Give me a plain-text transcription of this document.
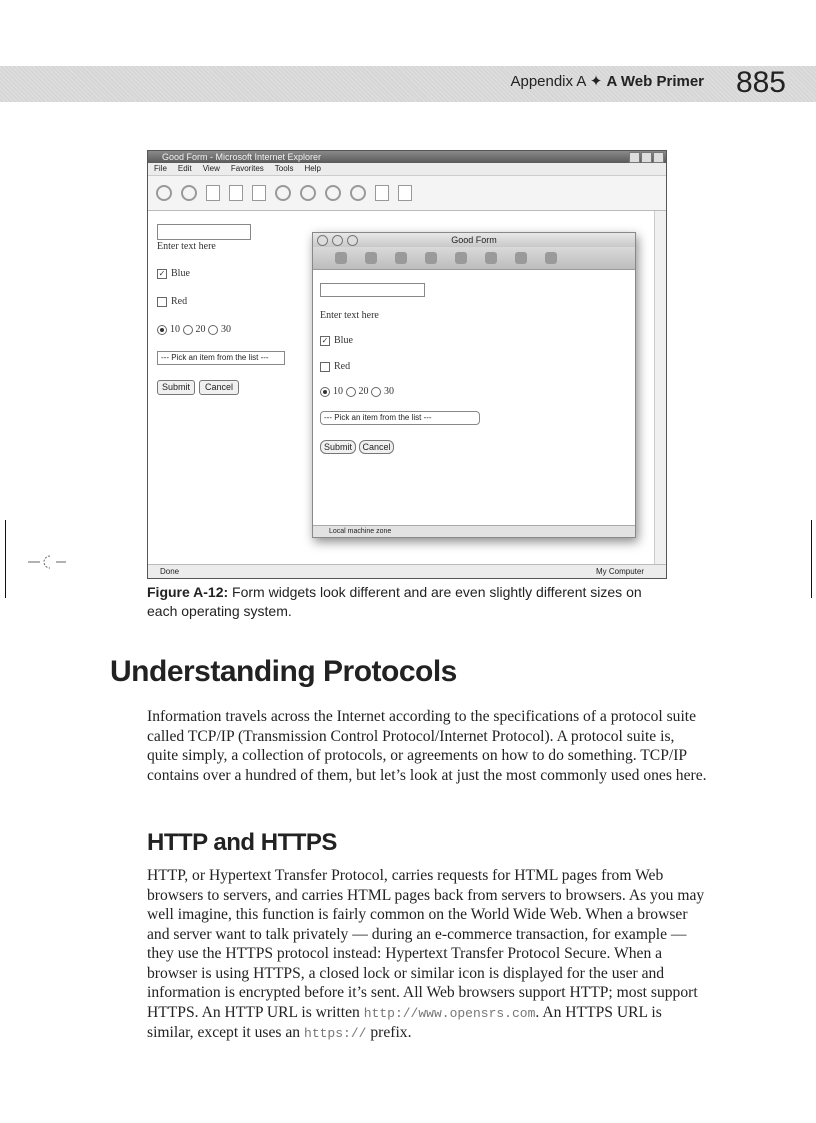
Appendix A ✦ A Web Primer 885
Good Form - Microsoft Internet Explorer
File Edit View Favorites Tools Help
Enter text here
✓ Blue
Red
10 20 30
--- Pick an item from the list ---
Submit	Cancel
Done	My Computer
Good Form
Enter text here
✓ Blue
Red
10 20 30
--- Pick an item from the list ---
Submit	Cancel
Local machine zone
Figure A-12: Form widgets look different and are even slightly different sizes on each operating system.
Understanding Protocols

Information travels across the Internet according to the specifications of a protocol suite called TCP/IP (Transmission Control Protocol/Internet Protocol). A protocol suite is, quite simply, a collection of protocols, or agreements on how to do something. TCP/IP contains over a hundred of them, but let’s look at just the most commonly used ones here.

HTTP and HTTPS

HTTP, or Hypertext Transfer Protocol, carries requests for HTML pages from Web browsers to servers, and carries HTML pages back from servers to browsers. As you may well imagine, this function is fairly common on the World Wide Web. When a browser and server want to talk privately — during an e-commerce transaction, for example — they use the HTTPS protocol instead: Hypertext Transfer Protocol Secure. When a browser is using HTTPS, a closed lock or similar icon is displayed for the user and information is encrypted before it’s sent. All Web browsers support HTTP; most support HTTPS. An HTTP URL is written http://www.opensrs.com. An HTTPS URL is similar, except it uses an https:// prefix.
